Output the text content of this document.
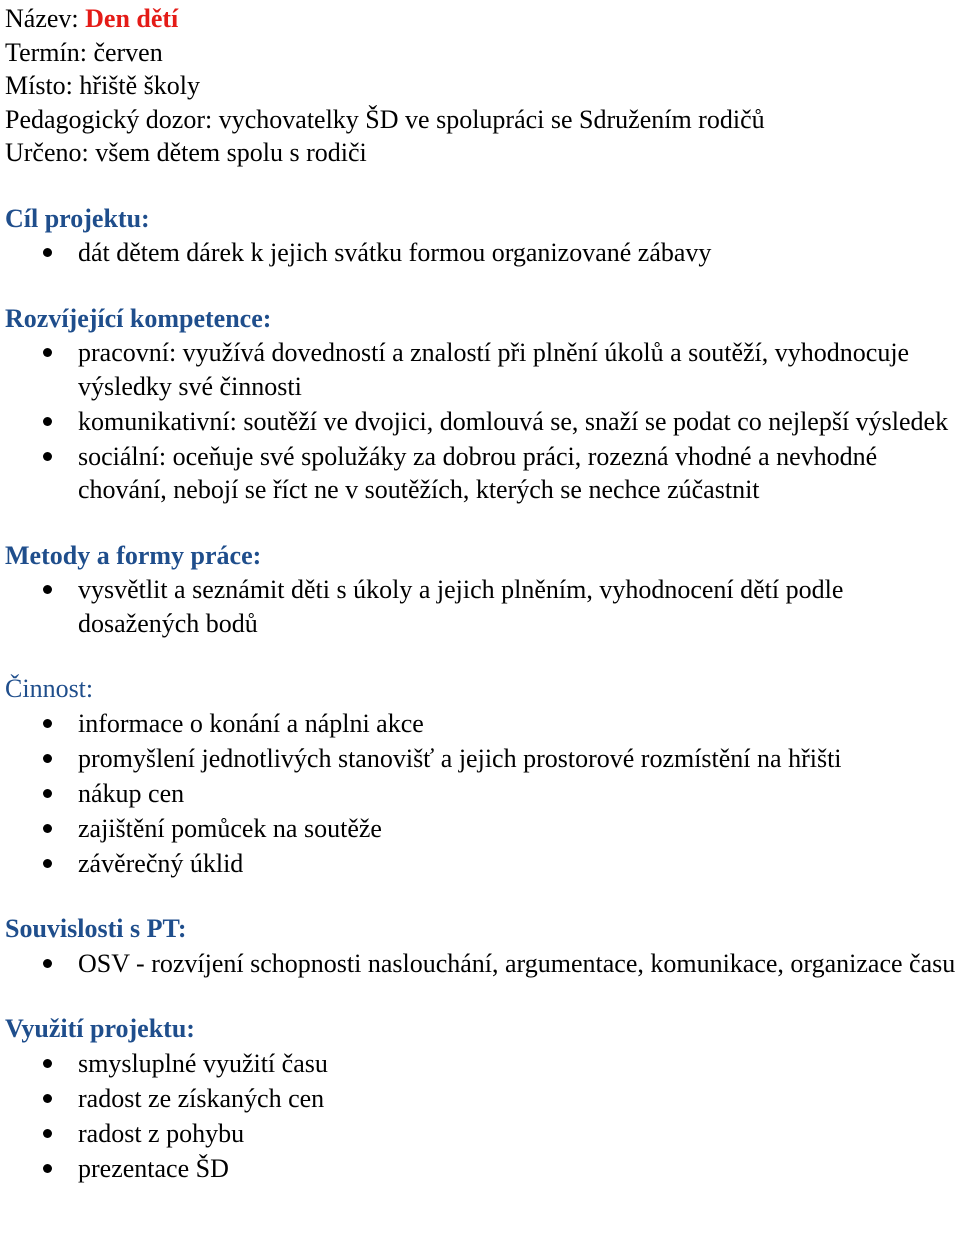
Název: Den dětí
Termín: červen
Místo: hřiště školy
Pedagogický dozor: vychovatelky ŠD ve spolupráci se Sdružením rodičů
Určeno: všem dětem spolu s rodiči
Cíl projektu:
dát dětem dárek k jejich svátku formou organizované zábavy
Rozvíjející kompetence:
pracovní: využívá dovedností a znalostí při plnění úkolů a soutěží, vyhodnocuje výsledky své činnosti
komunikativní: soutěží ve dvojici, domlouvá se, snaží se podat co nejlepší výsledek
sociální: oceňuje své spolužáky za dobrou práci, rozezná vhodné a nevhodné chování, nebojí se říct ne v soutěžích, kterých se nechce zúčastnit
Metody a formy práce:
vysvětlit a seznámit děti s úkoly a jejich plněním, vyhodnocení dětí podle dosažených bodů
Činnost:
informace o konání a náplni akce
promyšlení jednotlivých stanovišť a jejich prostorové rozmístění na hřišti
nákup cen
zajištění pomůcek na soutěže
závěrečný úklid
Souvislosti s PT:
OSV - rozvíjení schopnosti naslouchání, argumentace, komunikace, organizace času
Využití projektu:
smysluplné využití času
radost ze získaných cen
radost z pohybu
prezentace ŠD
